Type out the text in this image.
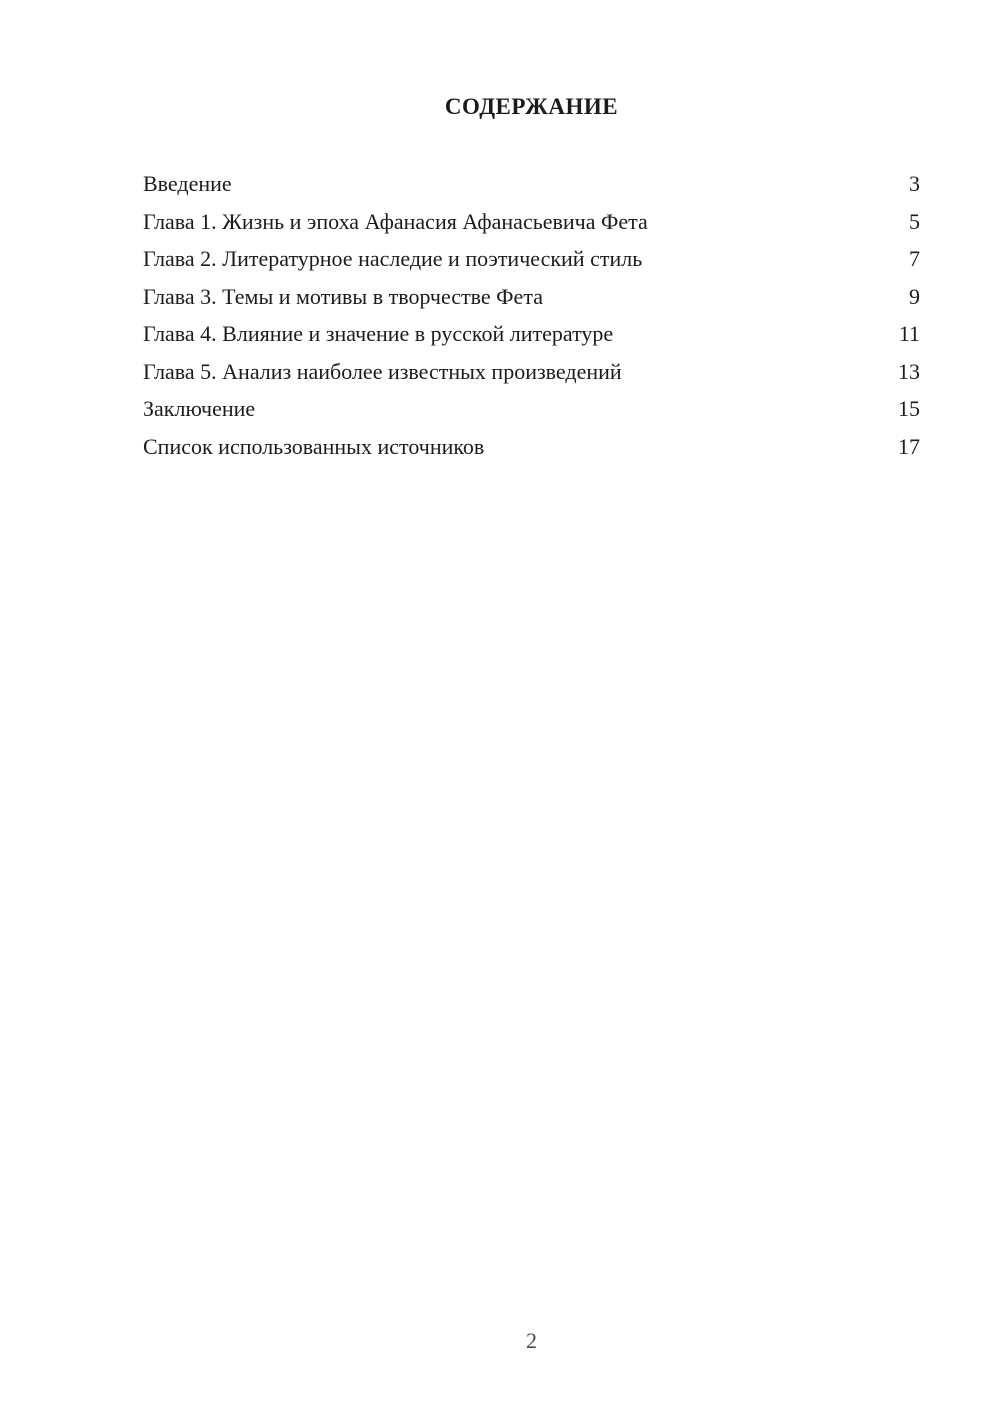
СОДЕРЖАНИЕ
Введение	3
Глава 1. Жизнь и эпоха Афанасия Афанасьевича Фета	5
Глава 2. Литературное наследие и поэтический стиль	7
Глава 3. Темы и мотивы в творчестве Фета	9
Глава 4. Влияние и значение в русской литературе	11
Глава 5. Анализ наиболее известных произведений	13
Заключение	15
Список использованных источников	17
2
